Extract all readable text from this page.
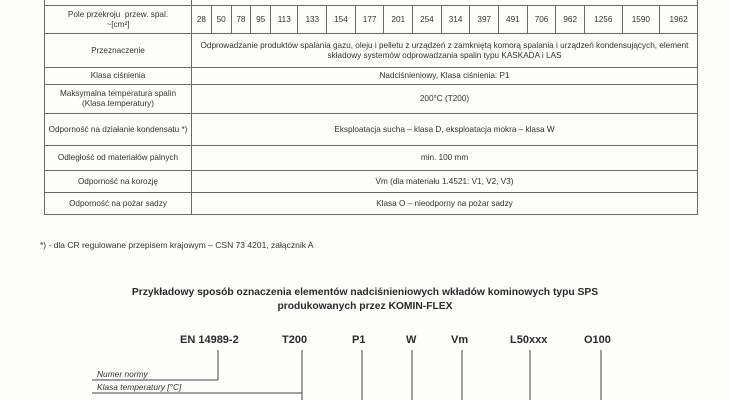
Pole przekroju przew. spal.
~[cm²]	28	50	78	95	113	133	154	177	201	254	314	397	491	706	962	1256	1590	1962
Przeznaczenie	Odprowadzanie produktów spalania gazu, oleju i pelletu z urządzeń z zamkniętą komorą spalania i urządzeń kondensujących, element składowy systemów odprowadzania spalin typu KASKADA i LAS																	
Klasa ciśnienia	Nadciśnieniowy, Klasa ciśnienia: P1																	
Maksymalna temperatura spalin (Klasa temperatury)	200°C (T200)																	
Odporność na działanie kondensatu *)	Eksploatacja sucha – klasa D, eksploatacja mokra – klasa W																	
Odległość od materiałów palnych	min. 100 mm																	
Odporność na korozję	Vm (dla materiału 1.4521: V1, V2, V3)																	
Odporność na pożar sadzy	Klasa O – nieodporny na pożar sadzy																	
*) - dla CR regulowane przepisem krajowym – CSN 73 4201, załącznik A
Przykładowy sposób oznaczenia elementów nadciśnieniowych wkładów kominowych typu SPS
produkowanych przez KOMIN-FLEX
EN 14989-2	T200	P1	W	Vm	L50xxx	O100
Numer normy
Klasa temperatury [°C]
